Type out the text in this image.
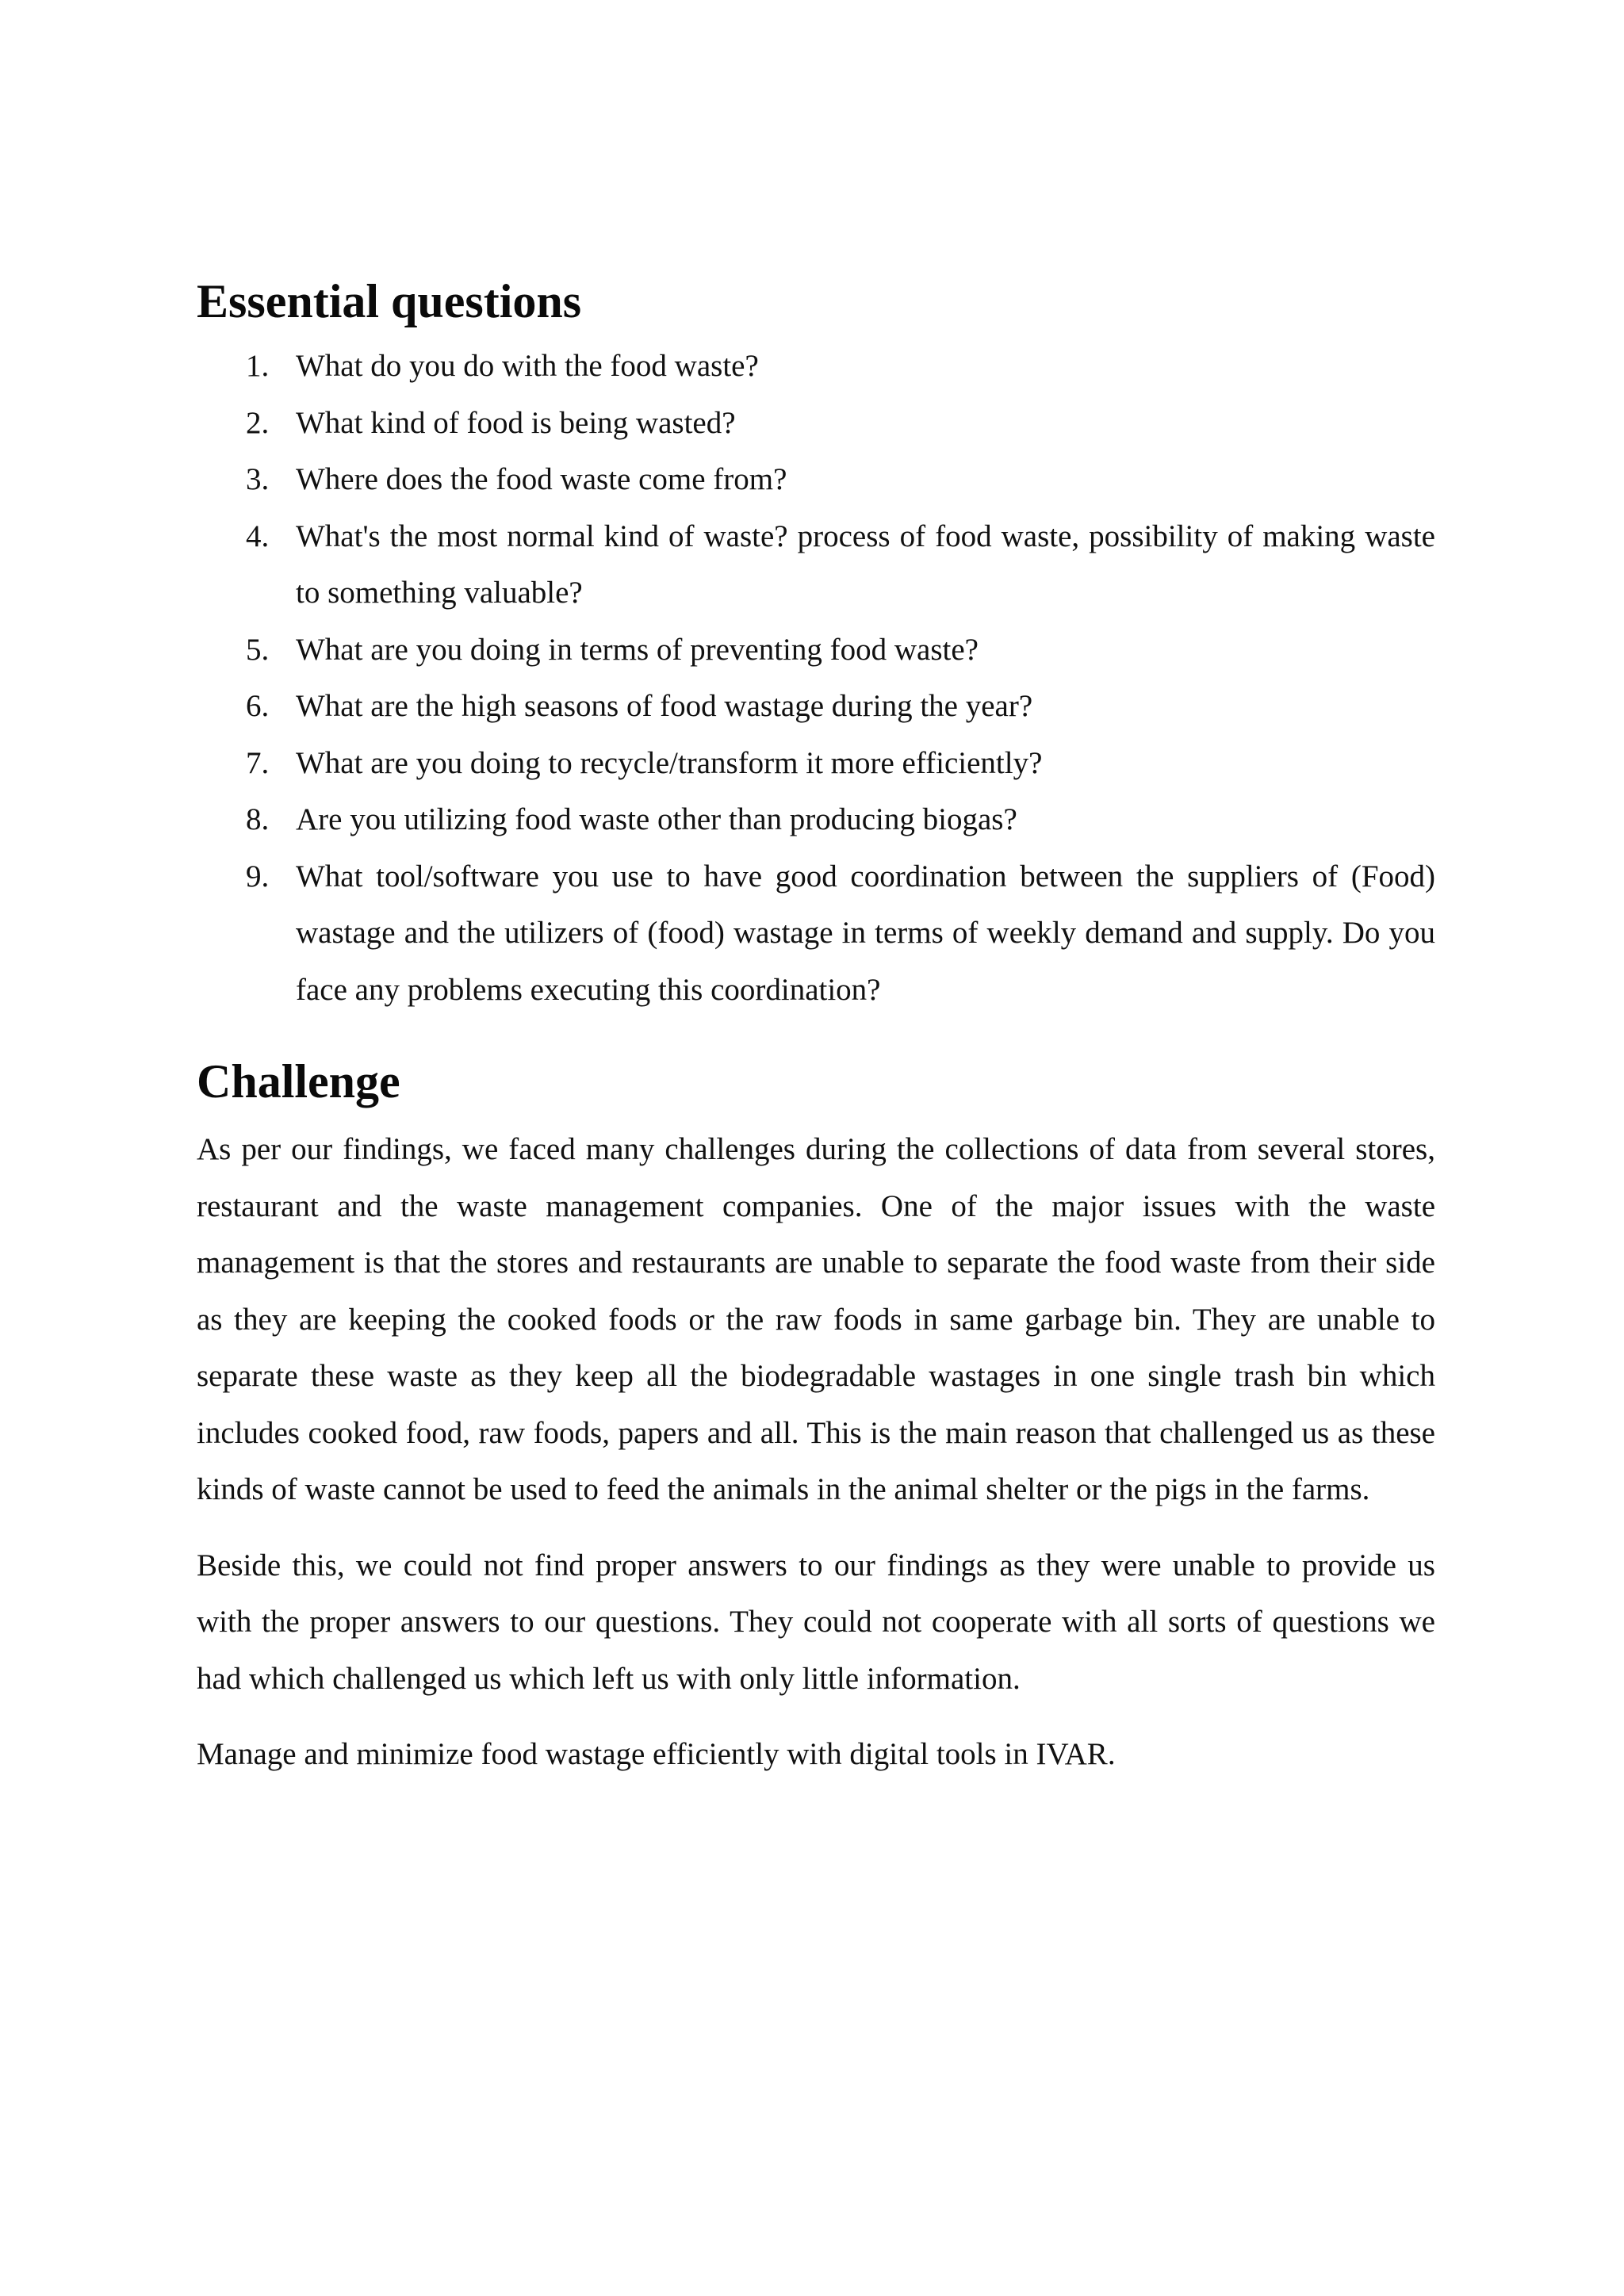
Essential questions
1. What do you do with the food waste?
2. What kind of food is being wasted?
3. Where does the food waste come from?
4. What's the most normal kind of waste? process of food waste, possibility of making waste to something valuable?
5. What are you doing in terms of preventing food waste?
6. What are the high seasons of food wastage during the year?
7. What are you doing to recycle/transform it more efficiently?
8. Are you utilizing food waste other than producing biogas?
9. What tool/software you use to have good coordination between the suppliers of (Food) wastage and the utilizers of (food) wastage in terms of weekly demand and supply. Do you face any problems executing this coordination?
Challenge

As per our findings, we faced many challenges during the collections of data from several stores, restaurant and the waste management companies. One of the major issues with the waste management is that the stores and restaurants are unable to separate the food waste from their side as they are keeping the cooked foods or the raw foods in same garbage bin. They are unable to separate these waste as they keep all the biodegradable wastages in one single trash bin which includes cooked food, raw foods, papers and all. This is the main reason that challenged us as these kinds of waste cannot be used to feed the animals in the animal shelter or the pigs in the farms.

Beside this, we could not find proper answers to our findings as they were unable to provide us with the proper answers to our questions. They could not cooperate with all sorts of questions we had which challenged us which left us with only little information.

Manage and minimize food wastage efficiently with digital tools in IVAR.
